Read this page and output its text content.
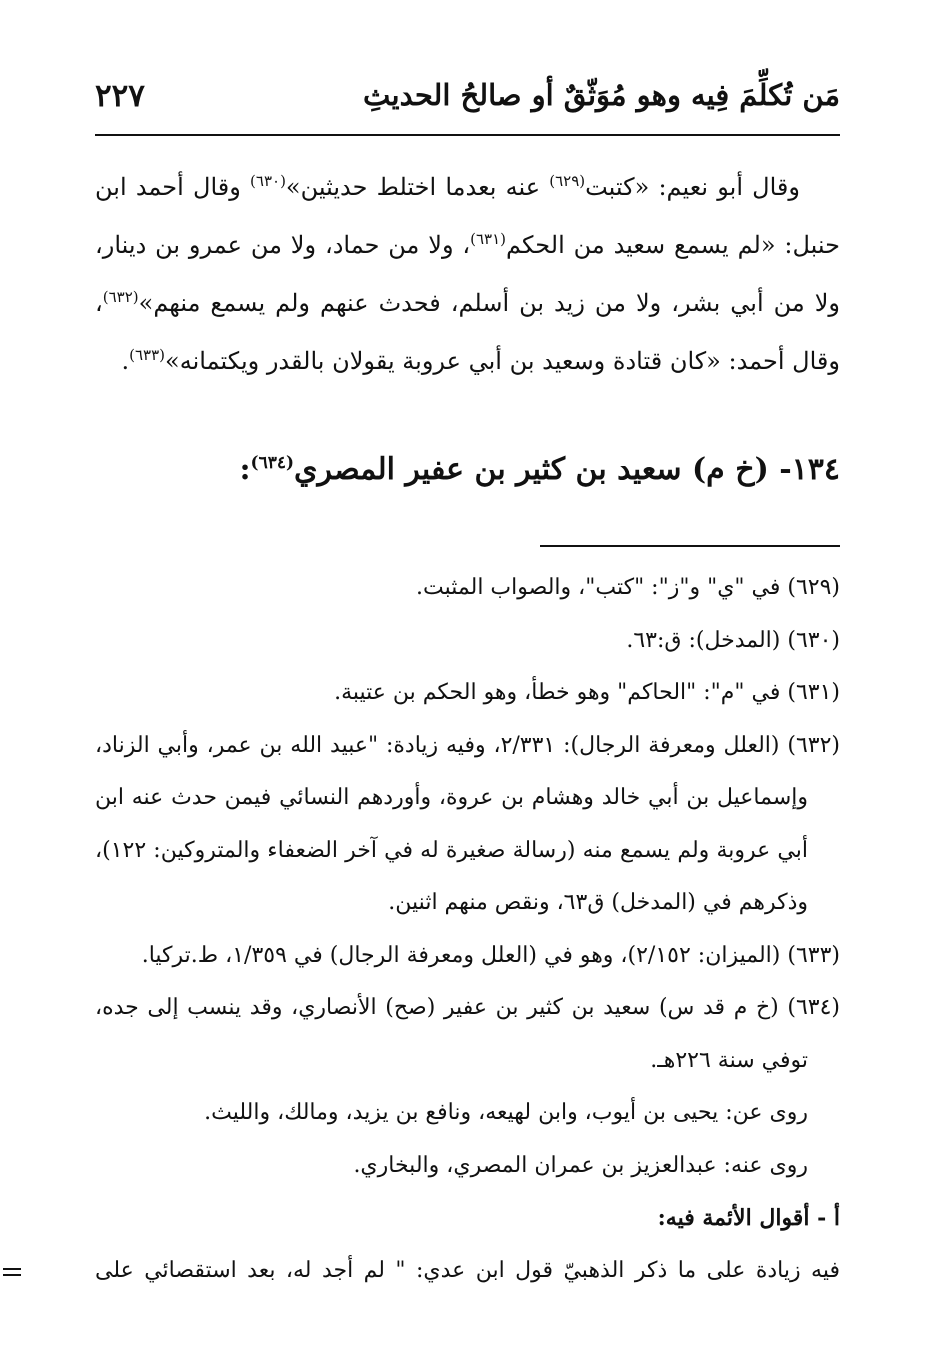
مَن تُكلِّمَ فِيه وهو مُوَثّقٌ أو صالحُ الحديثِ
٢٢٧

وقال أبو نعيم: «كتبت$^{(٦٢٩)}$ عنه بعدما اختلط حديثين»$^{(٦٣٠)}$ وقال أحمد ابن حنبل: «لم يسمع سعيد من الحكم$^{(٦٣١)}$، ولا من حماد، ولا من عمرو بن دينار، ولا من أبي بشر، ولا من زيد بن أسلم، فحدث عنهم ولم يسمع منهم»$^{(٦٣٢)}$، وقال أحمد: «كان قتادة وسعيد بن أبي عروبة يقولان بالقدر ويكتمانه»$^{(٦٣٣)}$.

١٣٤- (خ م) سعيد بن كثير بن عفير المصري$^{(٦٣٤)}$:

(٦٢٩) في "ي" و"ز": "كتب"، والصواب المثبت.

(٦٣٠) (المدخل): ق:٦٣.

(٦٣١) في "م": "الحاكم" وهو خطأ، وهو الحكم بن عتيبة.

(٦٣٢) (العلل ومعرفة الرجال): ٢/٣٣١، وفيه زيادة: "عبيد الله بن عمر، وأبي الزناد، وإسماعيل بن أبي خالد وهشام بن عروة، وأوردهم النسائي فيمن حدث عنه ابن أبي عروبة ولم يسمع منه (رسالة صغيرة له في آخر الضعفاء والمتروكين: ١٢٢)، وذكرهم في (المدخل) ق٦٣، ونقص منهم اثنين.

(٦٣٣) (الميزان: ٢/١٥٢)، وهو في (العلل ومعرفة الرجال) في ١/٣٥٩، ط.تركيا.

(٦٣٤) (خ م قد س) سعيد بن كثير بن عفير (صح) الأنصاري، وقد ينسب إلى جده، توفي سنة ٢٢٦هـ.

روى عن: يحيى بن أيوب، وابن لهيعه، ونافع بن يزيد، ومالك، والليث.

روى عنه: عبدالعزيز بن عمران المصري، والبخاري.

أ - أقوال الأئمة فيه:

فيه زيادة على ما ذكر الذهبيّ قول ابن عدي: " لم أجد له، بعد استقصائي على
